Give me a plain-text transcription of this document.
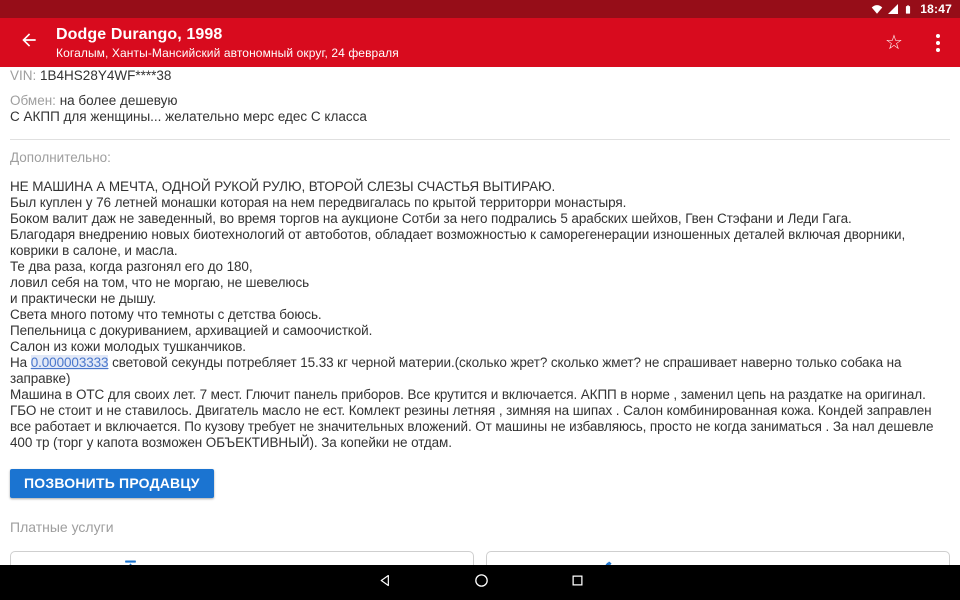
18:47
Dodge Durango, 1998
Когалым, Ханты-Мансийский автономный округ, 24 февраля	☆
VIN: 1B4HS28Y4WF****38
Обмен: на более дешевую
С АКПП для женщины... желательно мерс едес С класса
Дополнительно:
НЕ МАШИНА А МЕЧТА, ОДНОЙ РУКОЙ РУЛЮ, ВТОРОЙ СЛЕЗЫ СЧАСТЬЯ ВЫТИРАЮ.
Был куплен у 76 летней монашки которая на нем передвигалась по крытой территорри монастыря.
Боком валит даж не заведенный, во время торгов на аукционе Сотби за него подрались 5 арабских шейхов, Гвен Стэфани и Леди Гага.
Благодаря внедрению новых биотехнологий от автоботов, обладает возможностью к саморегенерации изношенных деталей включая дворники, коврики в салоне, и масла.
Те два раза, когда разгонял его до 180,
ловил себя на том, что не моргаю, не шевелюсь
и практически не дышу.
Света много потому что темноты с детства боюсь.
Пепельница с докуриванием, архивацией и самоочисткой.
Салон из кожи молодых тушканчиков.
На 0.000003333 световой секунды потребляет 15.33 кг черной материи.(сколько жрет? сколько жмет? не спрашивает наверно только собака на заправке)
Машина в ОТС для своих лет. 7 мест. Глючит панель приборов. Все крутится и включается. АКПП в норме , заменил цепь на раздатке на оригинал. ГБО не стоит и не ставилось. Двигатель масло не ест. Комлект резины летняя , зимняя на шипах . Салон комбинированная кожа. Кондей заправлен все работает и включается. По кузову требует не значительных вложений. От машины не избавляюсь, просто не когда заниматься . За нал дешевле 400 тр (торг у капота возможен ОБЪЕКТИВНЫЙ). За копейки не отдам.
ПОЗВОНИТЬ ПРОДАВЦУ
Платные услуги
